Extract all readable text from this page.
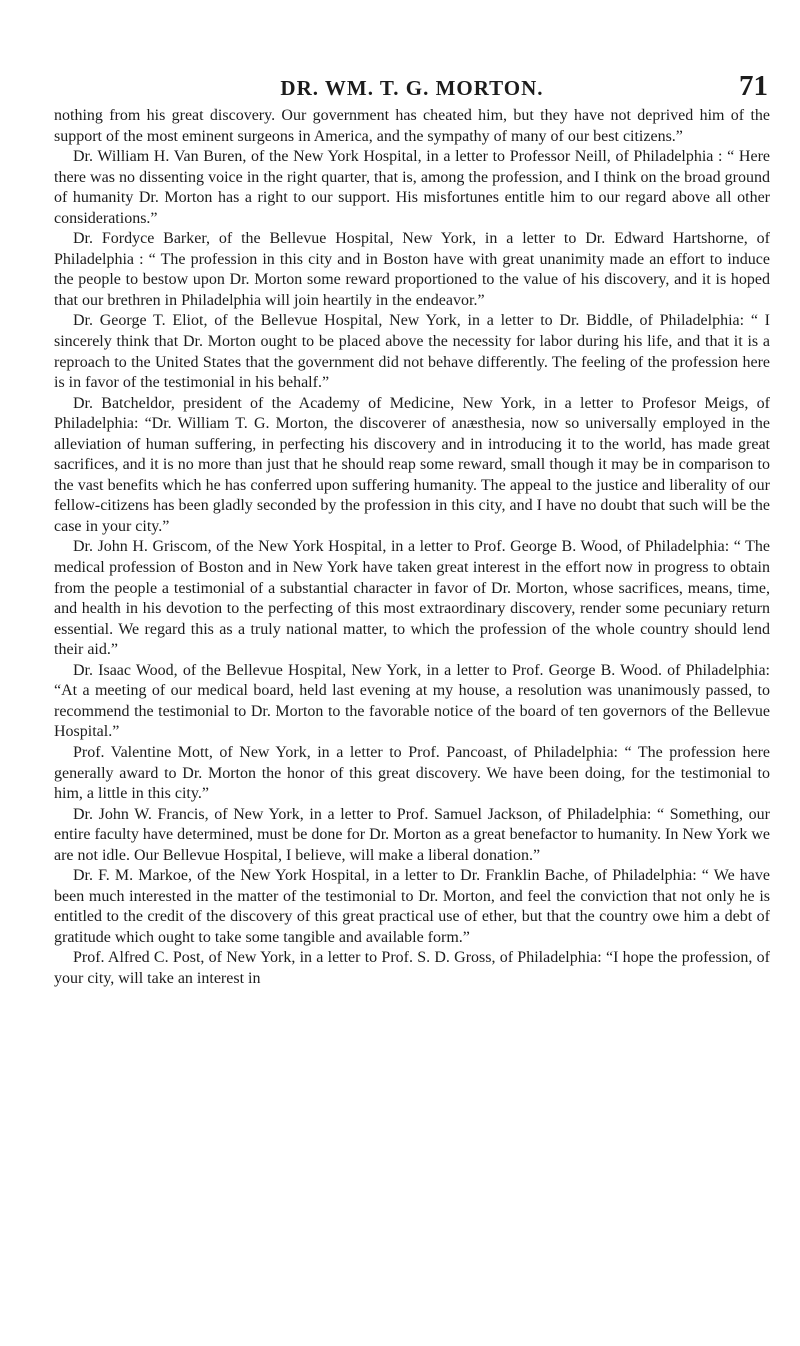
DR. WM. T. G. MORTON.	71

nothing from his great discovery. Our government has cheated him, but they have not deprived him of the support of the most eminent surgeons in America, and the sympathy of many of our best citizens.”

Dr. William H. Van Buren, of the New York Hospital, in a letter to Professor Neill, of Philadelphia : “ Here there was no dissenting voice in the right quarter, that is, among the profession, and I think on the broad ground of humanity Dr. Morton has a right to our support. His misfortunes entitle him to our regard above all other considerations.”

Dr. Fordyce Barker, of the Bellevue Hospital, New York, in a letter to Dr. Edward Hartshorne, of Philadelphia : “ The profession in this city and in Boston have with great unanimity made an effort to induce the people to bestow upon Dr. Morton some reward proportioned to the value of his discovery, and it is hoped that our brethren in Philadelphia will join heartily in the endeavor.”

Dr. George T. Eliot, of the Bellevue Hospital, New York, in a letter to Dr. Biddle, of Philadelphia: “ I sincerely think that Dr. Morton ought to be placed above the necessity for labor during his life, and that it is a reproach to the United States that the government did not behave differently. The feeling of the profession here is in favor of the testimonial in his behalf.”

Dr. Batcheldor, president of the Academy of Medicine, New York, in a letter to Profesor Meigs, of Philadelphia: “Dr. William T. G. Morton, the discoverer of anæsthesia, now so universally employed in the alleviation of human suffering, in perfecting his discovery and in introducing it to the world, has made great sacrifices, and it is no more than just that he should reap some reward, small though it may be in comparison to the vast benefits which he has conferred upon suffering humanity. The appeal to the justice and liberality of our fellow-citizens has been gladly seconded by the profession in this city, and I have no doubt that such will be the case in your city.”

Dr. John H. Griscom, of the New York Hospital, in a letter to Prof. George B. Wood, of Philadelphia: “ The medical profession of Boston and in New York have taken great interest in the effort now in progress to obtain from the people a testimonial of a substantial character in favor of Dr. Morton, whose sacrifices, means, time, and health in his devotion to the perfecting of this most extraordinary discovery, render some pecuniary return essential. We regard this as a truly national matter, to which the profession of the whole country should lend their aid.”

Dr. Isaac Wood, of the Bellevue Hospital, New York, in a letter to Prof. George B. Wood. of Philadelphia: “At a meeting of our medical board, held last evening at my house, a resolution was unanimously passed, to recommend the testimonial to Dr. Morton to the favorable notice of the board of ten governors of the Bellevue Hospital.”

Prof. Valentine Mott, of New York, in a letter to Prof. Pancoast, of Philadelphia: “ The profession here generally award to Dr. Morton the honor of this great discovery. We have been doing, for the testimonial to him, a little in this city.”

Dr. John W. Francis, of New York, in a letter to Prof. Samuel Jackson, of Philadelphia: “ Something, our entire faculty have determined, must be done for Dr. Morton as a great benefactor to humanity. In New York we are not idle. Our Bellevue Hospital, I believe, will make a liberal donation.”

Dr. F. M. Markoe, of the New York Hospital, in a letter to Dr. Franklin Bache, of Philadelphia: “ We have been much interested in the matter of the testimonial to Dr. Morton, and feel the conviction that not only he is entitled to the credit of the discovery of this great practical use of ether, but that the country owe him a debt of gratitude which ought to take some tangible and available form.”

Prof. Alfred C. Post, of New York, in a letter to Prof. S. D. Gross, of Philadelphia: “I hope the profession, of your city, will take an interest in
